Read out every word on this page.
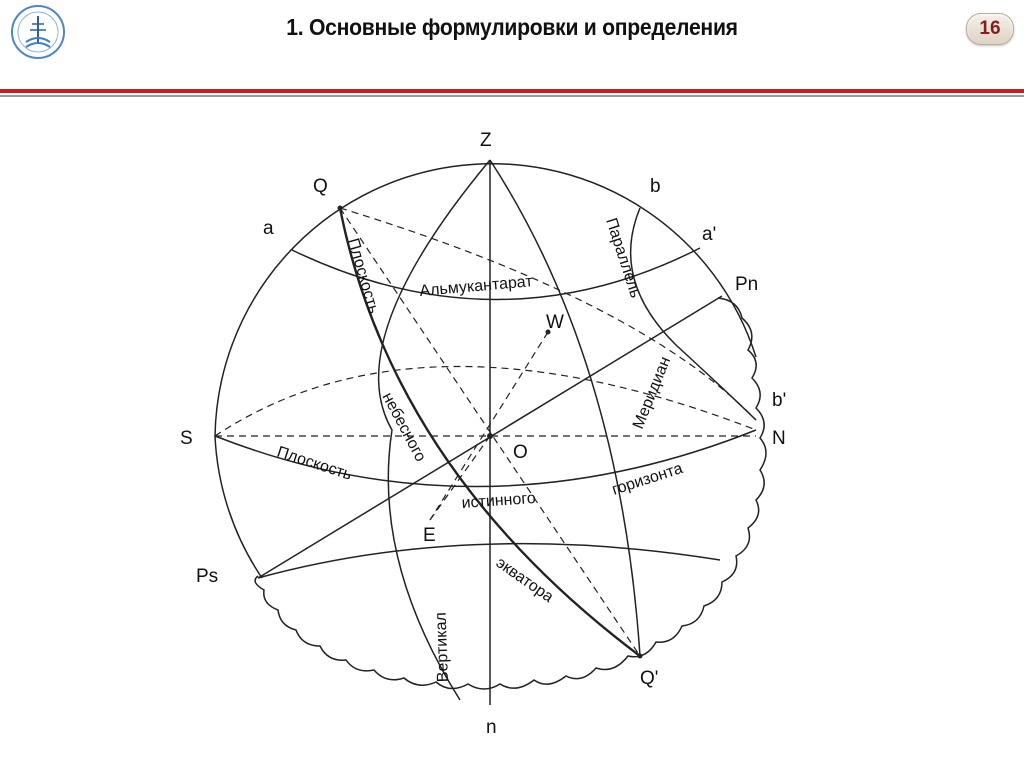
1. Основные формулировки и определения	16
Z
n
N
S
O
W
E
Pn
Ps
Q
Q'
a	a'
b
b'
Плоскость
небесного
экватора
Плоскость
истинного
горизонта
Альмукантарат	Параллель
Меридиан
Вертикал
